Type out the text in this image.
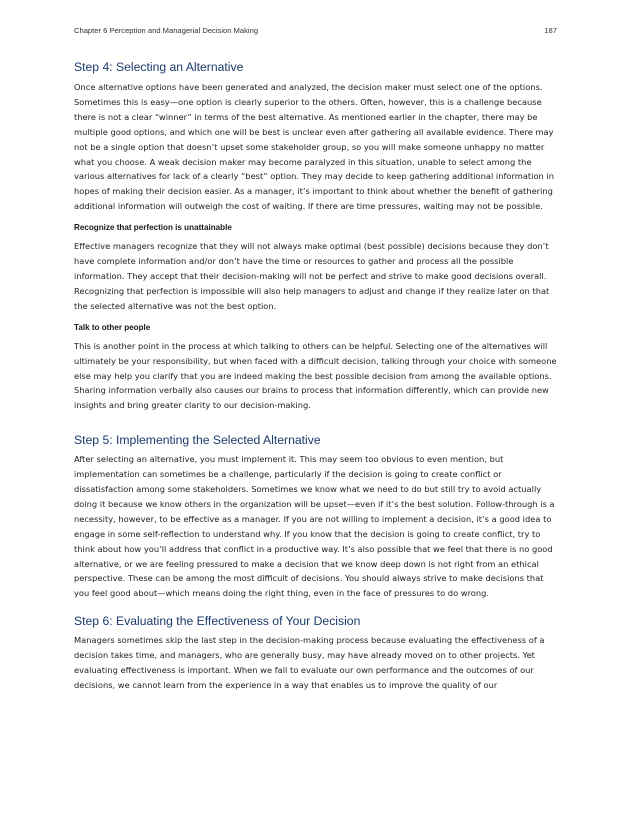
Chapter 6 Perception and Managerial Decision Making	187
Step 4: Selecting an Alternative

Once alternative options have been generated and analyzed, the decision maker must select one of the options. Sometimes this is easy—one option is clearly superior to the others. Often, however, this is a challenge because there is not a clear “winner” in terms of the best alternative. As mentioned earlier in the chapter, there may be multiple good options, and which one will be best is unclear even after gathering all available evidence. There may not be a single option that doesn’t upset some stakeholder group, so you will make someone unhappy no matter what you choose. A weak decision maker may become paralyzed in this situation, unable to select among the various alternatives for lack of a clearly “best” option. They may decide to keep gathering additional information in hopes of making their decision easier. As a manager, it’s important to think about whether the benefit of gathering additional information will outweigh the cost of waiting. If there are time pressures, waiting may not be possible.

Recognize that perfection is unattainable

Effective managers recognize that they will not always make optimal (best possible) decisions because they don’t have complete information and/or don’t have the time or resources to gather and process all the possible information. They accept that their decision-making will not be perfect and strive to make good decisions overall. Recognizing that perfection is impossible will also help managers to adjust and change if they realize later on that the selected alternative was not the best option.

Talk to other people

This is another point in the process at which talking to others can be helpful. Selecting one of the alternatives will ultimately be your responsibility, but when faced with a difficult decision, talking through your choice with someone else may help you clarify that you are indeed making the best possible decision from among the available options. Sharing information verbally also causes our brains to process that information differently, which can provide new insights and bring greater clarity to our decision-making.

Step 5: Implementing the Selected Alternative

After selecting an alternative, you must implement it. This may seem too obvious to even mention, but implementation can sometimes be a challenge, particularly if the decision is going to create conflict or dissatisfaction among some stakeholders. Sometimes we know what we need to do but still try to avoid actually doing it because we know others in the organization will be upset—even if it’s the best solution. Follow-through is a necessity, however, to be effective as a manager. If you are not willing to implement a decision, it’s a good idea to engage in some self-reflection to understand why. If you know that the decision is going to create conflict, try to think about how you’ll address that conflict in a productive way. It’s also possible that we feel that there is no good alternative, or we are feeling pressured to make a decision that we know deep down is not right from an ethical perspective. These can be among the most difficult of decisions. You should always strive to make decisions that you feel good about—which means doing the right thing, even in the face of pressures to do wrong.

Step 6: Evaluating the Effectiveness of Your Decision

Managers sometimes skip the last step in the decision-making process because evaluating the effectiveness of a decision takes time, and managers, who are generally busy, may have already moved on to other projects. Yet evaluating effectiveness is important. When we fail to evaluate our own performance and the outcomes of our decisions, we cannot learn from the experience in a way that enables us to improve the quality of our
